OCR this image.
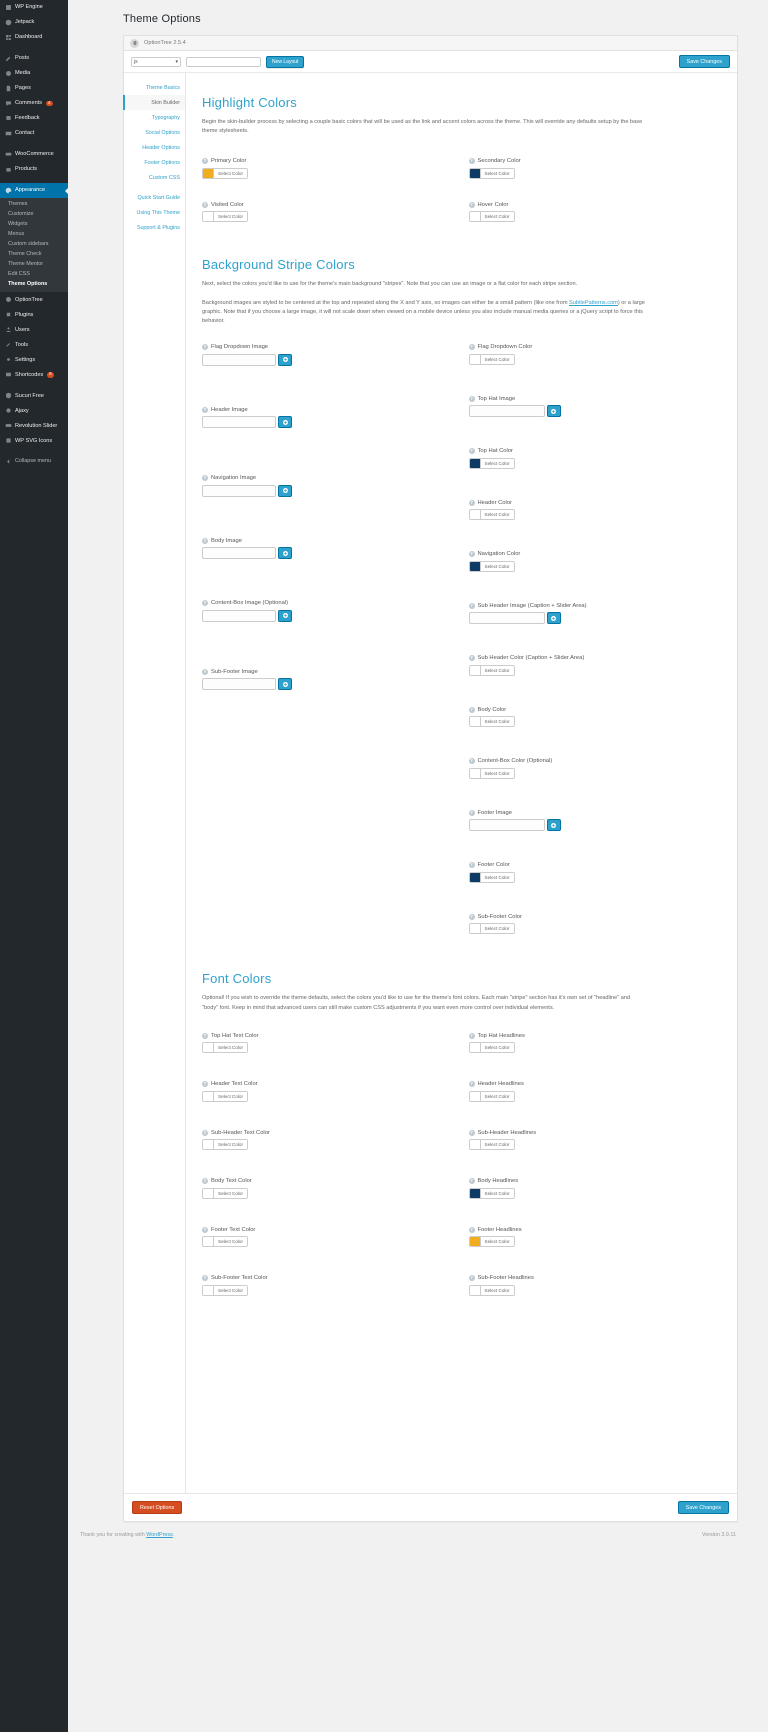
WP Engine
Jetpack
Dashboard
Posts
Media
Pages
Comments	4
Feedback
Contact
WooCommerce
Products
Appearance
Themes
Customize
Widgets
Menus
Custom sidebars
Theme Check
Theme Mentor
Edit CSS
Theme Options
OptionTree
Plugins
Users
Tools
Settings
Shortcodes	6
Sucuri Free
Ajaxy
Revolution Slider
WP SVG Icons
Collapse menu
Theme Options
OptionTree 2.5.4
js	▾	New Layout	Save Changes
Theme Basics
Skin Builder
Typography
Social Options
Header Options
Footer Options
Custom CSS
Quick Start Guide
Using This Theme
Support & Plugins
Highlight Colors

Begin the skin-builder process by selecting a couple basic colors that will be used as the link and accent colors across the theme. This will override any defaults setup by the base theme stylesheets.

? Primary Color
Select Color
? Secondary Color
Select Color
? Visited Color
Select Color
? Hover Color
Select Color
Background Stripe Colors

Next, select the colors you'd like to use for the theme's main background "stripes". Note that you can use an image or a flat color for each stripe section.

Background images are styled to be centered at the top and repeated along the X and Y axis, so images can either be a small pattern (like one from SubtlePatterns.com) or a large graphic. Note that if you choose a large image, it will not scale down when viewed on a mobile device unless you also include manual media queries or a jQuery script to force this behavior.

? Flag Dropdown Image
? Header Image
? Navigation Image
? Body Image
? Content-Box Image (Optional)
? Sub-Footer Image
? Flag Dropdown Color
Select Color
? Top Hat Image
? Top Hat Color
Select Color
? Header Color
Select Color
? Navigation Color
Select Color
? Sub Header Image (Caption + Slider Area)
? Sub Header Color (Caption + Slider Area)
Select Color
? Body Color
Select Color
? Content-Box Color (Optional)
Select Color
? Footer Image
? Footer Color
Select Color
? Sub-Footer Color
Select Color
Font Colors

Optional! If you wish to override the theme defaults, select the colors you'd like to use for the theme's font colors. Each main "stripe" section has it's own set of "headline" and "body" font. Keep in mind that advanced users can still make custom CSS adjustments if you want even more control over individual elements.

? Top Hat Text Color
Select Color
? Top Hat Headlines
Select Color
? Header Text Color
Select Color
? Header Headlines
Select Color
? Sub-Header Text Color
Select Color
? Sub-Header Headlines
Select Color
? Body Text Color
Select Color
? Body Headlines
Select Color
? Footer Text Color
Select Color
? Footer Headlines
Select Color
? Sub-Footer Text Color
Select Color
? Sub-Footer Headlines
Select Color
Reset Options	Save Changes
Thank you for creating with WordPress.	Version 3.9.11
